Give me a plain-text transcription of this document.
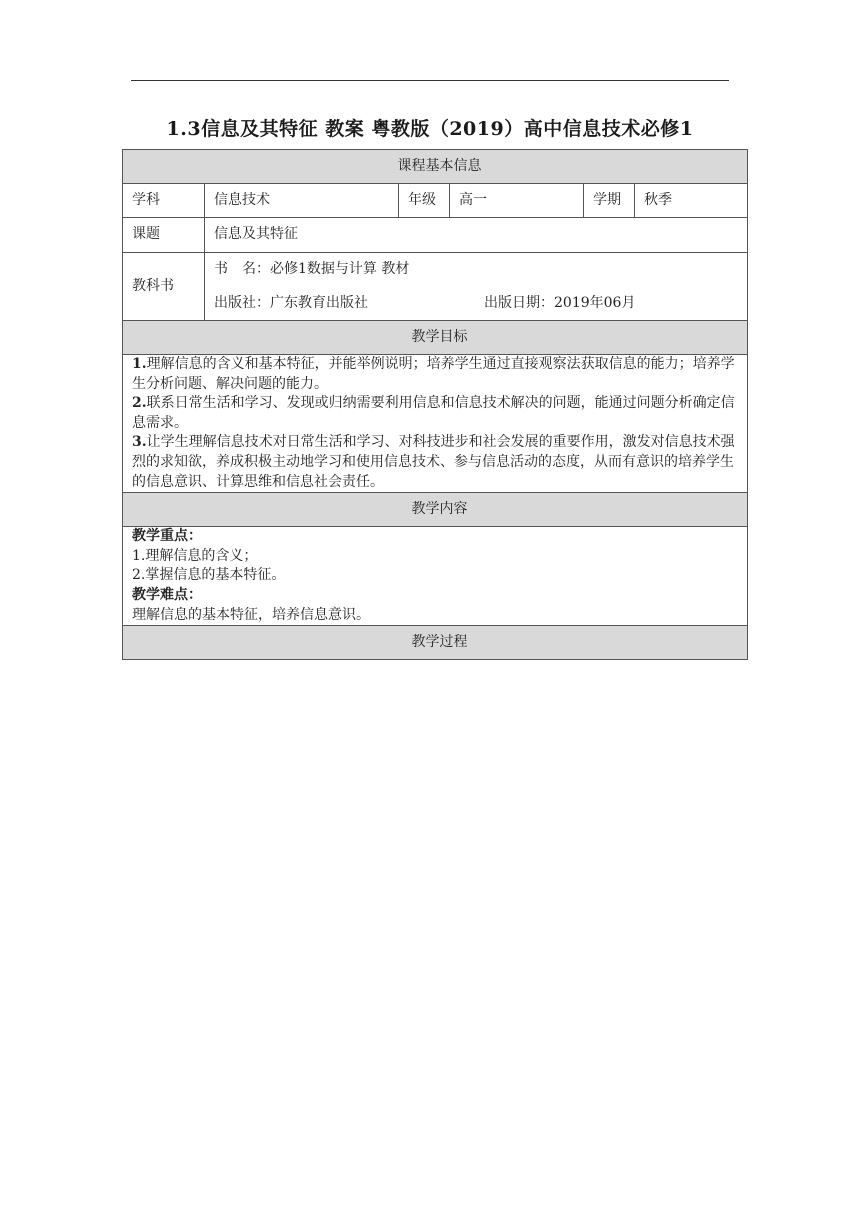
1.3信息及其特征 教案 粤教版（2019）高中信息技术必修1
课程基本信息					
学科	信息技术	年级	高一	学期	秋季
课题	信息及其特征				
教科书	书　名：必修1数据与计算 教材
出版社：广东教育出版社 出版日期：2019年06月				

教学目标					

1.理解信息的含义和基本特征，并能举例说明；培养学生通过直接观察法获取信息的能力；培养学生分析问题、解决问题的能力。

2.联系日常生活和学习、发现或归纳需要利用信息和信息技术解决的问题，能通过问题分析确定信息需求。

3.让学生理解信息技术对日常生活和学习、对科技进步和社会发展的重要作用，激发对信息技术强烈的求知欲，养成积极主动地学习和使用信息技术、参与信息活动的态度，从而有意识的培养学生的信息意识、计算思维和信息社会责任。					

教学内容					

教学重点：

1.理解信息的含义；

2.掌握信息的基本特征。

教学难点：

理解信息的基本特征，培养信息意识。					

教学过程					
